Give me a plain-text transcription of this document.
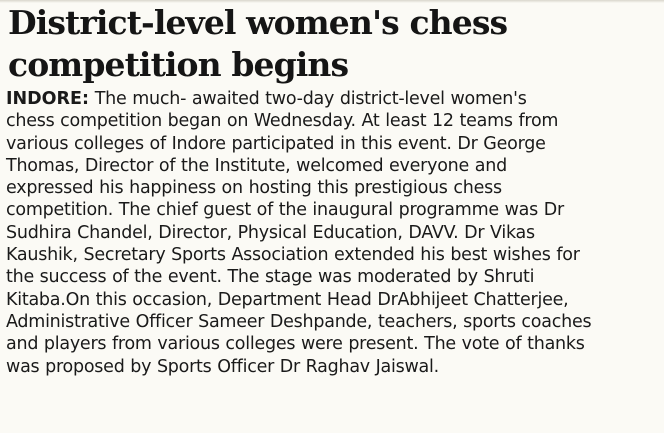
District-level women's chess
competition begins
INDORE: The much- awaited two-day district-level women's
chess competition began on Wednesday. At least 12 teams from
various colleges of Indore participated in this event. Dr George
Thomas, Director of the Institute, welcomed everyone and
expressed his happiness on hosting this prestigious chess
competition. The chief guest of the inaugural programme was Dr
Sudhira Chandel, Director, Physical Education, DAVV. Dr Vikas
Kaushik, Secretary Sports Association extended his best wishes for
the success of the event. The stage was moderated by Shruti
Kitaba.On this occasion, Department Head DrAbhijeet Chatterjee,
Administrative Officer Sameer Deshpande, teachers, sports coaches
and players from various colleges were present. The vote of thanks
was proposed by Sports Officer Dr Raghav Jaiswal.
